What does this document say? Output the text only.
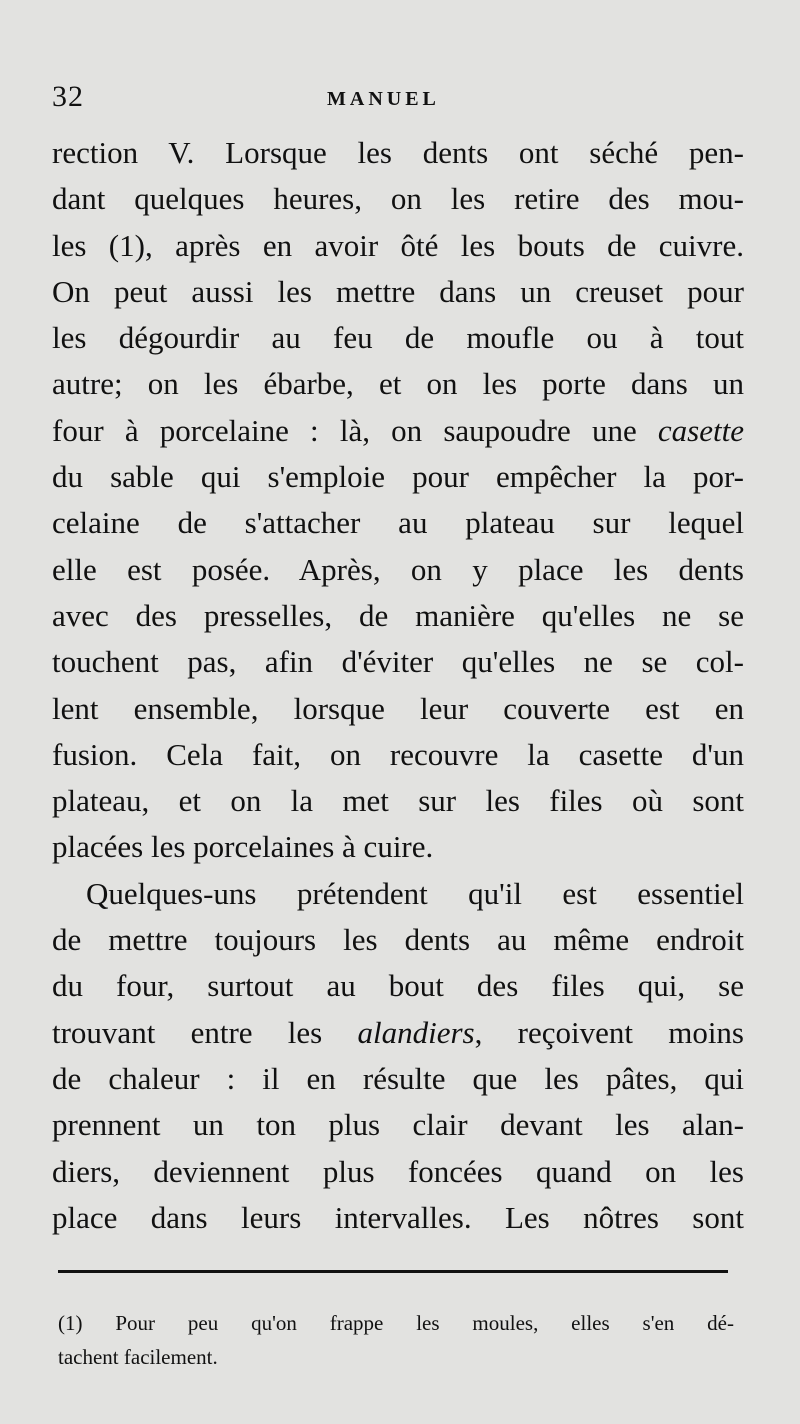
32	MANUEL
rection V. Lorsque les dents ont séché pen-
dant quelques heures, on les retire des mou-
les (1), après en avoir ôté les bouts de cuivre.
On peut aussi les mettre dans un creuset pour
les dégourdir au feu de moufle ou à tout
autre; on les ébarbe, et on les porte dans un
four à porcelaine : là, on saupoudre une casette
du sable qui s'emploie pour empêcher la por-
celaine de s'attacher au plateau sur lequel
elle est posée. Après, on y place les dents
avec des presselles, de manière qu'elles ne se
touchent pas, afin d'éviter qu'elles ne se col-
lent ensemble, lorsque leur couverte est en
fusion. Cela fait, on recouvre la casette d'un
plateau, et on la met sur les files où sont
placées les porcelaines à cuire.
Quelques-uns prétendent qu'il est essentiel
de mettre toujours les dents au même endroit
du four, surtout au bout des files qui, se
trouvant entre les alandiers, reçoivent moins
de chaleur : il en résulte que les pâtes, qui
prennent un ton plus clair devant les alan-
diers, deviennent plus foncées quand on les
place dans leurs intervalles. Les nôtres sont
(1) Pour peu qu'on frappe les moules, elles s'en dé-
tachent facilement.
